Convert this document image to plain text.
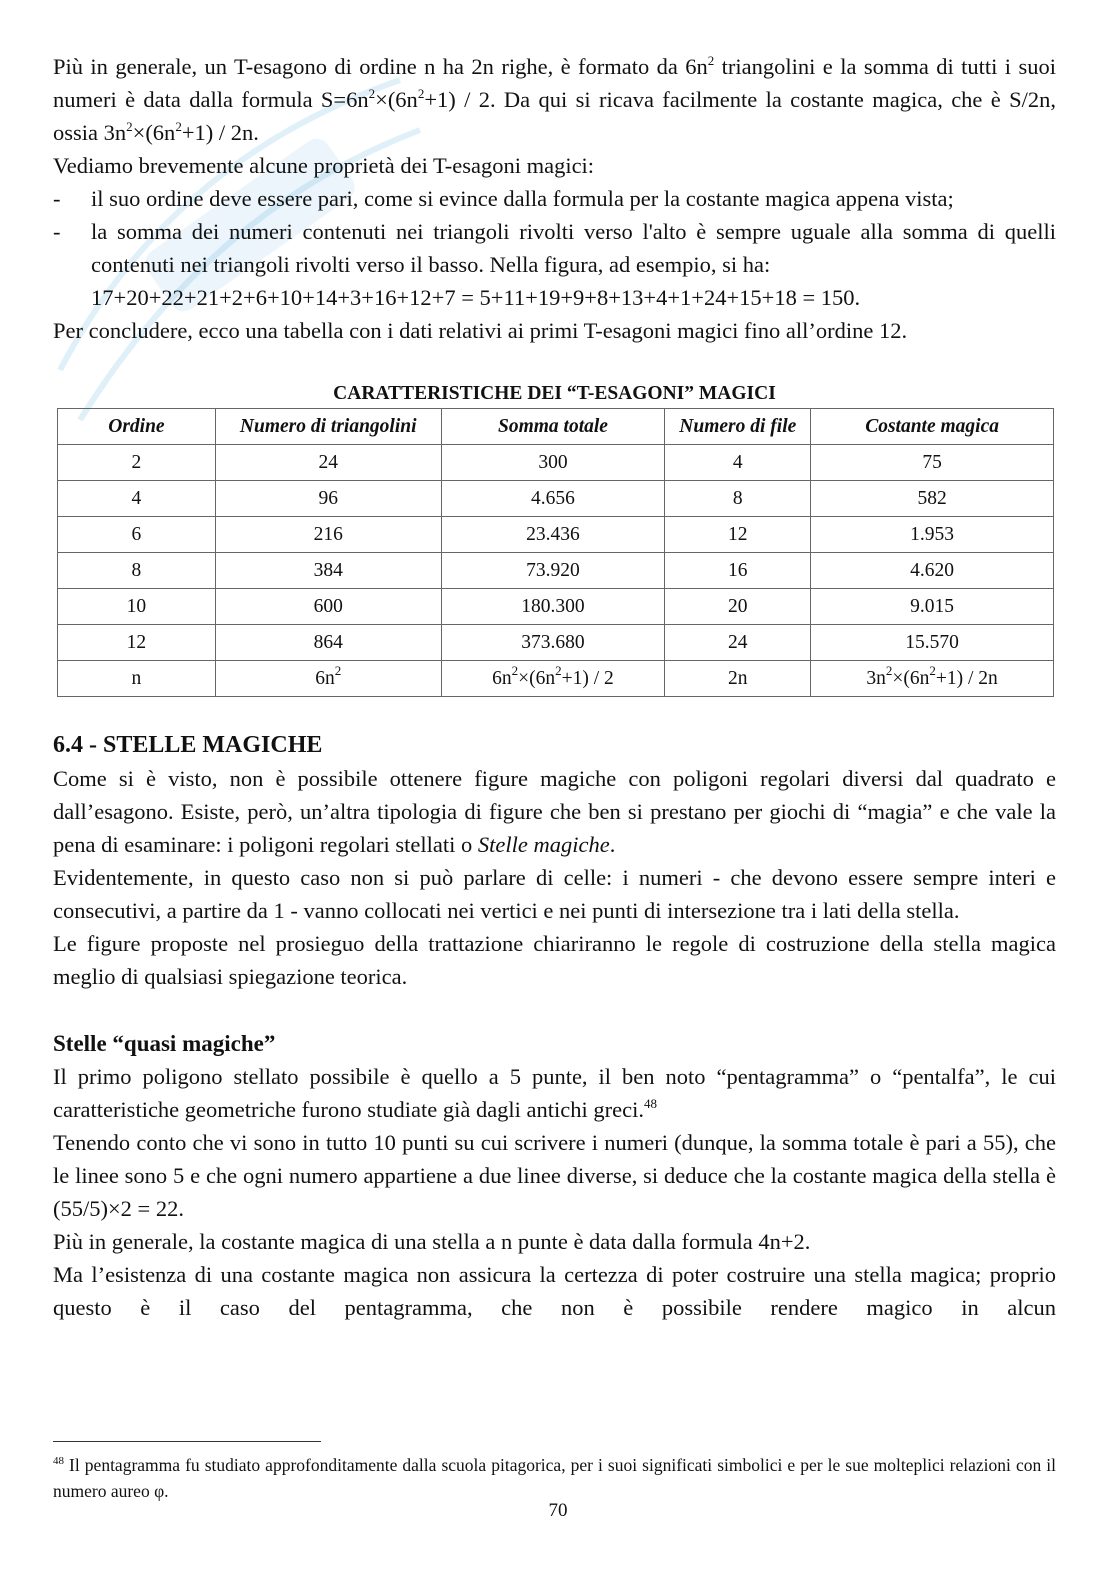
Più in generale, un T-esagono di ordine n ha 2n righe, è formato da $6n^2$ triangolini e la somma di tutti i suoi numeri è data dalla formula $S=6n^2\times(6n^2+1) / 2$. Da qui si ricava facilmente la costante magica, che è S/2n, ossia $3n^2\times(6n^2+1) / 2n$.

Vediamo brevemente alcune proprietà dei T-esagoni magici:

-	il suo ordine deve essere pari, come si evince dalla formula per la costante magica appena vista;

-	la somma dei numeri contenuti nei triangoli rivolti verso l'alto è sempre uguale alla somma di quelli contenuti nei triangoli rivolti verso il basso. Nella figura, ad esempio, si ha:
17+20+22+21+2+6+10+14+3+16+12+7 = 5+11+19+9+8+13+4+1+24+15+18 = 150.

Per concludere, ecco una tabella con i dati relativi ai primi T-esagoni magici fino all’ordine 12.

CARATTERISTICHE DEI “T-ESAGONI” MAGICI
Ordine	Numero di triangolini	Somma totale	Numero di file	Costante magica
2	24	300	4	75
4	96	4.656	8	582
6	216	23.436	12	1.953
8	384	73.920	16	4.620
10	600	180.300	20	9.015
12	864	373.680	24	15.570
n	$6n^2$	$6n^2\times(6n^2+1) / 2$	2n	$3n^2\times(6n^2+1) / 2n$
6.4 - STELLE MAGICHE

Come si è visto, non è possibile ottenere figure magiche con poligoni regolari diversi dal quadrato e dall’esagono. Esiste, però, un’altra tipologia di figure che ben si prestano per giochi di “magia” e che vale la pena di esaminare: i poligoni regolari stellati o Stelle magiche.

Evidentemente, in questo caso non si può parlare di celle: i numeri - che devono essere sempre interi e consecutivi, a partire da 1 - vanno collocati nei vertici e nei punti di intersezione tra i lati della stella.

Le figure proposte nel prosieguo della trattazione chiariranno le regole di costruzione della stella magica meglio di qualsiasi spiegazione teorica.

Stelle “quasi magiche”

Il primo poligono stellato possibile è quello a 5 punte, il ben noto “pentagramma” o “pentalfa”, le cui caratteristiche geometriche furono studiate già dagli antichi greci.$^{48}$

Tenendo conto che vi sono in tutto 10 punti su cui scrivere i numeri (dunque, la somma totale è pari a 55), che le linee sono 5 e che ogni numero appartiene a due linee diverse, si deduce che la costante magica della stella è (55/5)×2 = 22.

Più in generale, la costante magica di una stella a n punte è data dalla formula 4n+2.

Ma l’esistenza di una costante magica non assicura la certezza di poter costruire una stella magica; proprio questo è il caso del pentagramma, che non è possibile rendere magico in alcun

$^{48}$ Il pentagramma fu studiato approfonditamente dalla scuola pitagorica, per i suoi significati simbolici e per le sue molteplici relazioni con il numero aureo φ.
70
